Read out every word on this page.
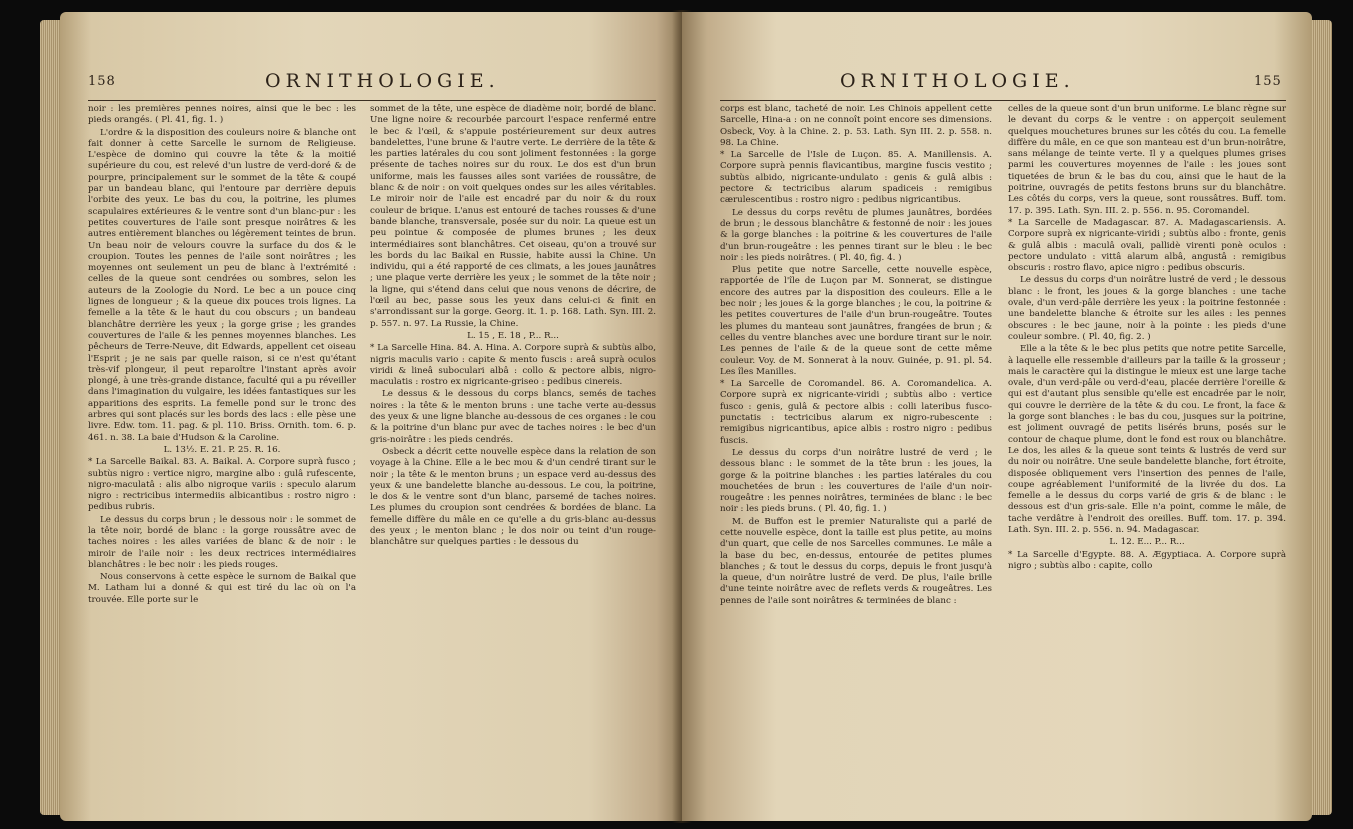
158	ORNITHOLOGIE.

noir : les premières pennes noires, ainsi que le bec : les pieds orangés. ( Pl. 41, fig. 1. )

L'ordre & la disposition des couleurs noire & blanche ont fait donner à cette Sarcelle le surnom de Religieuse. L'espèce de domino qui couvre la tête & la moitié supérieure du cou, est relevé d'un lustre de verd-doré & de pourpre, principalement sur le sommet de la tête & coupé par un bandeau blanc, qui l'entoure par derrière depuis l'orbite des yeux. Le bas du cou, la poitrine, les plumes scapulaires extérieures & le ventre sont d'un blanc-pur : les petites couvertures de l'aile sont presque noirâtres & les autres entièrement blanches ou légèrement teintes de brun. Un beau noir de velours couvre la surface du dos & le croupion. Toutes les pennes de l'aile sont noirâtres ; les moyennes ont seulement un peu de blanc à l'extrémité : celles de la queue sont cendrées ou sombres, selon les auteurs de la Zoologie du Nord. Le bec a un pouce cinq lignes de longueur ; & la queue dix pouces trois lignes. La femelle a la tête & le haut du cou obscurs ; un bandeau blanchâtre derrière les yeux ; la gorge grise ; les grandes couvertures de l'aile & les pennes moyennes blanches. Les pêcheurs de Terre-Neuve, dit Edwards, appellent cet oiseau l'Esprit ; je ne sais par quelle raison, si ce n'est qu'étant très-vif plongeur, il peut reparoître l'instant après avoir plongé, à une très-grande distance, faculté qui a pu réveiller dans l'imagination du vulgaire, les idées fantastiques sur les apparitions des esprits. La femelle pond sur le tronc des arbres qui sont placés sur les bords des lacs : elle pèse une livre. Edw. tom. 11. pag. & pl. 110. Briss. Ornith. tom. 6. p. 461. n. 38. La baie d'Hudson & la Caroline.

L. 13½. E. 21. P. 25. R. 16.

* La Sarcelle Baikal. 83. A. Baikal. A. Corpore suprà fusco ; subtùs nigro : vertice nigro, margine albo : gulâ rufescente, nigro-maculatâ : alis albo nigroque variis : speculo alarum nigro : rectricibus intermediis albicantibus : rostro nigro : pedibus rubris.

Le dessus du corps brun ; le dessous noir : le sommet de la tête noir, bordé de blanc : la gorge roussâtre avec de taches noires : les ailes variées de blanc & de noir : le miroir de l'aile noir : les deux rectrices intermédiaires blanchâtres : le bec noir : les pieds rouges.

Nous conservons à cette espèce le surnom de Baikal que M. Latham lui a donné & qui est tiré du lac où on l'a trouvée. Elle porte sur le

sommet de la tête, une espèce de diadème noir, bordé de blanc. Une ligne noire & recourbée parcourt l'espace renfermé entre le bec & l'œil, & s'appuie postérieurement sur deux autres bandelettes, l'une brune & l'autre verte. Le derrière de la tête & les parties latérales du cou sont joliment festonnées : la gorge présente de taches noires sur du roux. Le dos est d'un brun uniforme, mais les fausses ailes sont variées de roussâtre, de blanc & de noir : on voit quelques ondes sur les ailes véritables. Le miroir noir de l'aile est encadré par du noir & du roux couleur de brique. L'anus est entouré de taches rousses & d'une bande blanche, transversale, posée sur du noir. La queue est un peu pointue & composée de plumes brunes ; les deux intermédiaires sont blanchâtres. Cet oiseau, qu'on a trouvé sur les bords du lac Baikal en Russie, habite aussi la Chine. Un individu, qui a été rapporté de ces climats, a les joues jaunâtres ; une plaque verte derrière les yeux ; le sommet de la tête noir ; la ligne, qui s'étend dans celui que nous venons de décrire, de l'œil au bec, passe sous les yeux dans celui-ci & finit en s'arrondissant sur la gorge. Georg. it. 1. p. 168. Lath. Syn. III. 2. p. 557. n. 97. La Russie, la Chine.

L. 15 , E. 18 , P... R...

* La Sarcelle Hina. 84. A. Hina. A. Corpore suprà & subtùs albo, nigris maculis vario : capite & mento fuscis : areâ suprà oculos viridi & lineâ suboculari albâ : collo & pectore albis, nigro-maculatis : rostro ex nigricante-griseo : pedibus cinereis.

Le dessus & le dessous du corps blancs, semés de taches noires : la tête & le menton bruns : une tache verte au-dessus des yeux & une ligne blanche au-dessous de ces organes : le cou & la poitrine d'un blanc pur avec de taches noires : le bec d'un gris-noirâtre : les pieds cendrés.

Osbeck a décrit cette nouvelle espèce dans la relation de son voyage à la Chine. Elle a le bec mou & d'un cendré tirant sur le noir ; la tête & le menton bruns ; un espace verd au-dessus des yeux & une bandelette blanche au-dessous. Le cou, la poitrine, le dos & le ventre sont d'un blanc, parsemé de taches noires. Les plumes du croupion sont cendrées & bordées de blanc. La femelle diffère du mâle en ce qu'elle a du gris-blanc au-dessus des yeux ; le menton blanc ; le dos noir ou teint d'un rouge-blanchâtre sur quelques parties : le dessous du

ORNITHOLOGIE.	155

corps est blanc, tacheté de noir. Les Chinois appellent cette Sarcelle, Hina-a : on ne connoît point encore ses dimensions. Osbeck, Voy. à la Chine. 2. p. 53. Lath. Syn III. 2. p. 558. n. 98. La Chine.

* La Sarcelle de l'Isle de Luçon. 85. A. Manillensis. A. Corpore suprà pennis flavicantibus, margine fuscis vestito ; subtùs albido, nigricante-undulato : genis & gulâ albis : pectore & tectricibus alarum spadiceis : remigibus cærulescentibus : rostro nigro : pedibus nigricantibus.

Le dessus du corps revêtu de plumes jaunâtres, bordées de brun ; le dessous blanchâtre & festonné de noir : les joues & la gorge blanches : la poitrine & les couvertures de l'aile d'un brun-rougeâtre : les pennes tirant sur le bleu : le bec noir : les pieds noirâtres. ( Pl. 40, fig. 4. )

Plus petite que notre Sarcelle, cette nouvelle espèce, rapportée de l'île de Luçon par M. Sonnerat, se distingue encore des autres par la disposition des couleurs. Elle a le bec noir ; les joues & la gorge blanches ; le cou, la poitrine & les petites couvertures de l'aile d'un brun-rougeâtre. Toutes les plumes du manteau sont jaunâtres, frangées de brun ; & celles du ventre blanches avec une bordure tirant sur le noir. Les pennes de l'aile & de la queue sont de cette même couleur. Voy. de M. Sonnerat à la nouv. Guinée, p. 91. pl. 54. Les îles Manilles.

* La Sarcelle de Coromandel. 86. A. Coromandelica. A. Corpore suprà ex nigricante-viridi ; subtùs albo : vertice fusco : genis, gulâ & pectore albis : colli lateribus fusco-punctatis : tectricibus alarum ex nigro-rubescente : remigibus nigricantibus, apice albis : rostro nigro : pedibus fuscis.

Le dessus du corps d'un noirâtre lustré de verd ; le dessous blanc : le sommet de la tête brun : les joues, la gorge & la poitrine blanches : les parties latérales du cou mouchetées de brun : les couvertures de l'aile d'un noir-rougeâtre : les pennes noirâtres, terminées de blanc : le bec noir : les pieds bruns. ( Pl. 40, fig. 1. )

M. de Buffon est le premier Naturaliste qui a parlé de cette nouvelle espèce, dont la taille est plus petite, au moins d'un quart, que celle de nos Sarcelles communes. Le mâle a la base du bec, en-dessus, entourée de petites plumes blanches ; & tout le dessus du corps, depuis le front jusqu'à la queue, d'un noirâtre lustré de verd. De plus, l'aile brille d'une teinte noirâtre avec de reflets verds & rougeâtres. Les pennes de l'aile sont noirâtres & terminées de blanc :

celles de la queue sont d'un brun uniforme. Le blanc règne sur le devant du corps & le ventre : on apperçoit seulement quelques mouchetures brunes sur les côtés du cou. La femelle diffère du mâle, en ce que son manteau est d'un brun-noirâtre, sans mélange de teinte verte. Il y a quelques plumes grises parmi les couvertures moyennes de l'aile : les joues sont tiquetées de brun & le bas du cou, ainsi que le haut de la poitrine, ouvragés de petits festons bruns sur du blanchâtre. Les côtés du corps, vers la queue, sont roussâtres. Buff. tom. 17. p. 395. Lath. Syn. III. 2. p. 556. n. 95. Coromandel.

* La Sarcelle de Madagascar. 87. A. Madagascariensis. A. Corpore suprà ex nigricante-viridi ; subtùs albo : fronte, genis & gulâ albis : maculâ ovali, pallidè virenti ponè oculos : pectore undulato : vittâ alarum albâ, angustâ : remigibus obscuris : rostro flavo, apice nigro : pedibus obscuris.

Le dessus du corps d'un noirâtre lustré de verd ; le dessous blanc : le front, les joues & la gorge blanches : une tache ovale, d'un verd-pâle derrière les yeux : la poitrine festonnée : une bandelette blanche & étroite sur les ailes : les pennes obscures : le bec jaune, noir à la pointe : les pieds d'une couleur sombre. ( Pl. 40, fig. 2. )

Elle a la tête & le bec plus petits que notre petite Sarcelle, à laquelle elle ressemble d'ailleurs par la taille & la grosseur ; mais le caractère qui la distingue le mieux est une large tache ovale, d'un verd-pâle ou verd-d'eau, placée derrière l'oreille & qui est d'autant plus sensible qu'elle est encadrée par le noir, qui couvre le derrière de la tête & du cou. Le front, la face & la gorge sont blanches : le bas du cou, jusques sur la poitrine, est joliment ouvragé de petits lisérés bruns, posés sur le contour de chaque plume, dont le fond est roux ou blanchâtre. Le dos, les ailes & la queue sont teints & lustrés de verd sur du noir ou noirâtre. Une seule bandelette blanche, fort étroite, disposée obliquement vers l'insertion des pennes de l'aile, coupe agréablement l'uniformité de la livrée du dos. La femelle a le dessus du corps varié de gris & de blanc : le dessous est d'un gris-sale. Elle n'a point, comme le mâle, de tache verdâtre à l'endroit des oreilles. Buff. tom. 17. p. 394. Lath. Syn. III. 2. p. 556. n. 94. Madagascar.

L. 12. E... P... R...

* La Sarcelle d'Egypte. 88. A. Ægyptiaca. A. Corpore suprà nigro ; subtùs albo : capite, collo
